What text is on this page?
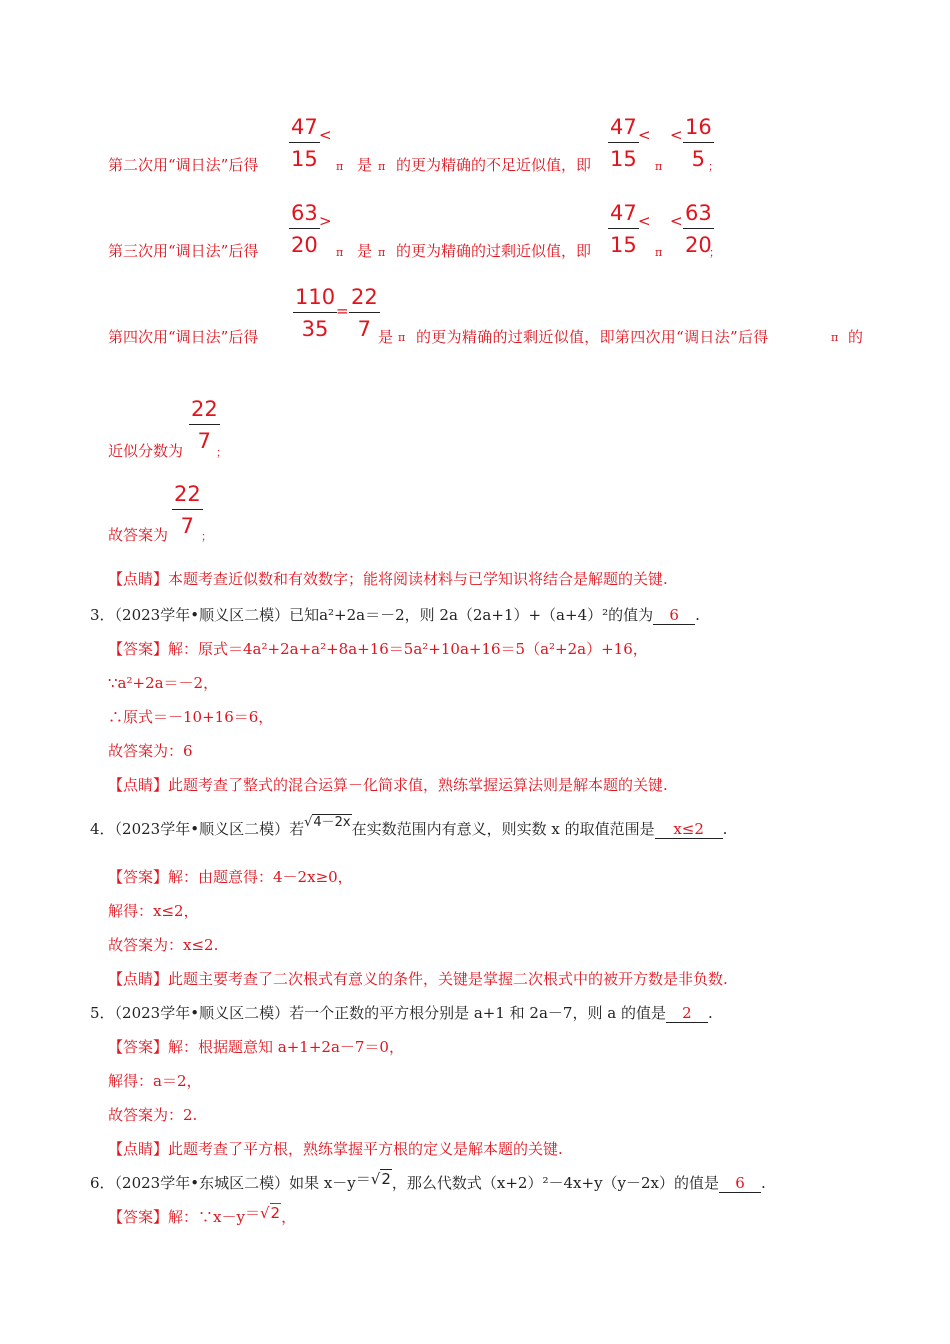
第二次用“调日法”后得
47
15
<
π 是 π 的更为精确的不足近似值，即
47
15
<
π
< 16
5 ；
第三次用“调日法”后得
63
20
>
π 是 π 的更为精确的过剩近似值，即
47
15
<
π
< 63
20
；
第四次用“调日法”后得
110
35
=
22
7 是 π 的更为精确的过剩近似值，即第四次用“调日法”后得	π 的
近似分数为
22
7 ；
故答案为
22
7 ；
【点睛】本题考查近似数和有效数字；能将阅读材料与已学知识将结合是解题的关键.
3．（2023学年•顺义区二模）已知a²+2a＝－2，则 2a（2a+1）+（a+4）²的值为 6 .
【答案】解：原式＝4a²+2a+a²+8a+16＝5a²+10a+16＝5（a²+2a）+16，
∵a²+2a＝－2，
∴原式＝－10+16＝6，
故答案为：6
【点睛】此题考查了整式的混合运算－化简求值，熟练掌握运算法则是解本题的关键.
4．（2023学年•顺义区二模）若√4－2x在实数范围内有意义，则实数 x 的取值范围是 x≤2 .
【答案】解：由题意得：4－2x≥0，
解得：x≤2，
故答案为：x≤2.
【点睛】此题主要考查了二次根式有意义的条件，关键是掌握二次根式中的被开方数是非负数.
5．（2023学年•顺义区二模）若一个正数的平方根分别是 a+1 和 2a－7，则 a 的值是 2 .
【答案】解：根据题意知 a+1+2a－7＝0，
解得：a＝2，
故答案为：2.
【点睛】此题考查了平方根，熟练掌握平方根的定义是解本题的关键.
6．（2023学年•东城区二模）如果 x－y＝√2，那么代数式（x+2）²－4x+y（y－2x）的值是 6 .
【答案】解：∵x－y＝√2，
